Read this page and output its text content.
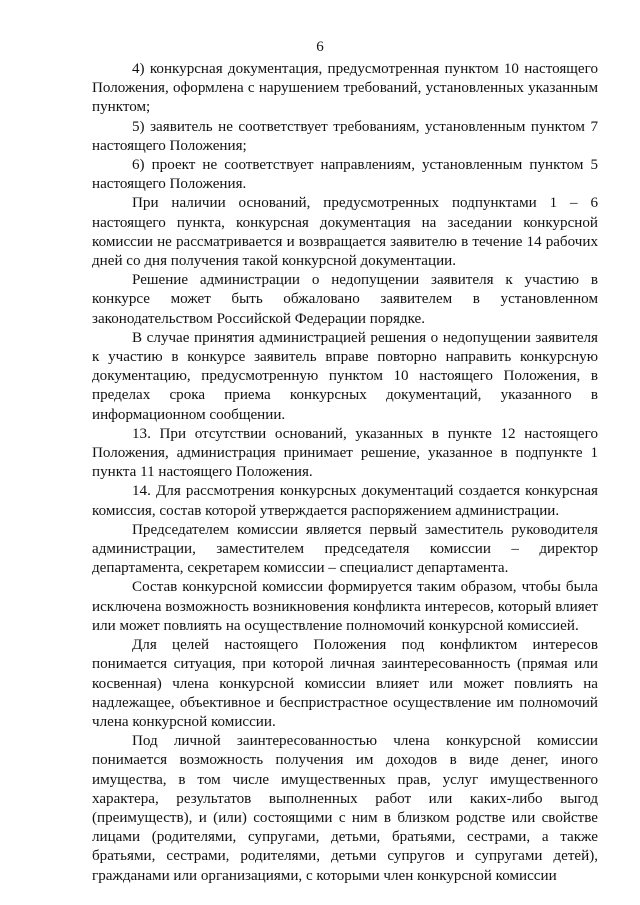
6

4) конкурсная документация, предусмотренная пунктом 10 настоящего Положения, оформлена с нарушением требований, установленных указанным пунктом;

5) заявитель не соответствует требованиям, установленным пунктом 7 настоящего Положения;

6) проект не соответствует направлениям, установленным пунктом 5 настоящего Положения.

При наличии оснований, предусмотренных подпунктами 1 – 6 настоящего пункта, конкурсная документация на заседании конкурсной комиссии не рассматривается и возвращается заявителю в течение 14 рабочих дней со дня получения такой конкурсной документации.

Решение администрации о недопущении заявителя к участию в конкурсе может быть обжаловано заявителем в установленном законодательством Российской Федерации порядке.

В случае принятия администрацией решения о недопущении заявителя к участию в конкурсе заявитель вправе повторно направить конкурсную документацию, предусмотренную пунктом 10 настоящего Положения, в пределах срока приема конкурсных документаций, указанного в информационном сообщении.

13. При отсутствии оснований, указанных в пункте 12 настоящего Положения, администрация принимает решение, указанное в подпункте 1 пункта 11 настоящего Положения.

14. Для рассмотрения конкурсных документаций создается конкурсная комиссия, состав которой утверждается распоряжением администрации.

Председателем комиссии является первый заместитель руководителя администрации, заместителем председателя комиссии – директор департамента, секретарем комиссии – специалист департамента.

Состав конкурсной комиссии формируется таким образом, чтобы была исключена возможность возникновения конфликта интересов, который влияет или может повлиять на осуществление полномочий конкурсной комиссией.

Для целей настоящего Положения под конфликтом интересов понимается ситуация, при которой личная заинтересованность (прямая или косвенная) члена конкурсной комиссии влияет или может повлиять на надлежащее, объективное и беспристрастное осуществление им полномочий члена конкурсной комиссии.

Под личной заинтересованностью члена конкурсной комиссии понимается возможность получения им доходов в виде денег, иного имущества, в том числе имущественных прав, услуг имущественного характера, результатов выполненных работ или каких-либо выгод (преимуществ), и (или) состоящими с ним в близком родстве или свойстве лицами (родителями, супругами, детьми, братьями, сестрами, а также братьями, сестрами, родителями, детьми супругов и супругами детей), гражданами или организациями, с которыми член конкурсной комиссии
